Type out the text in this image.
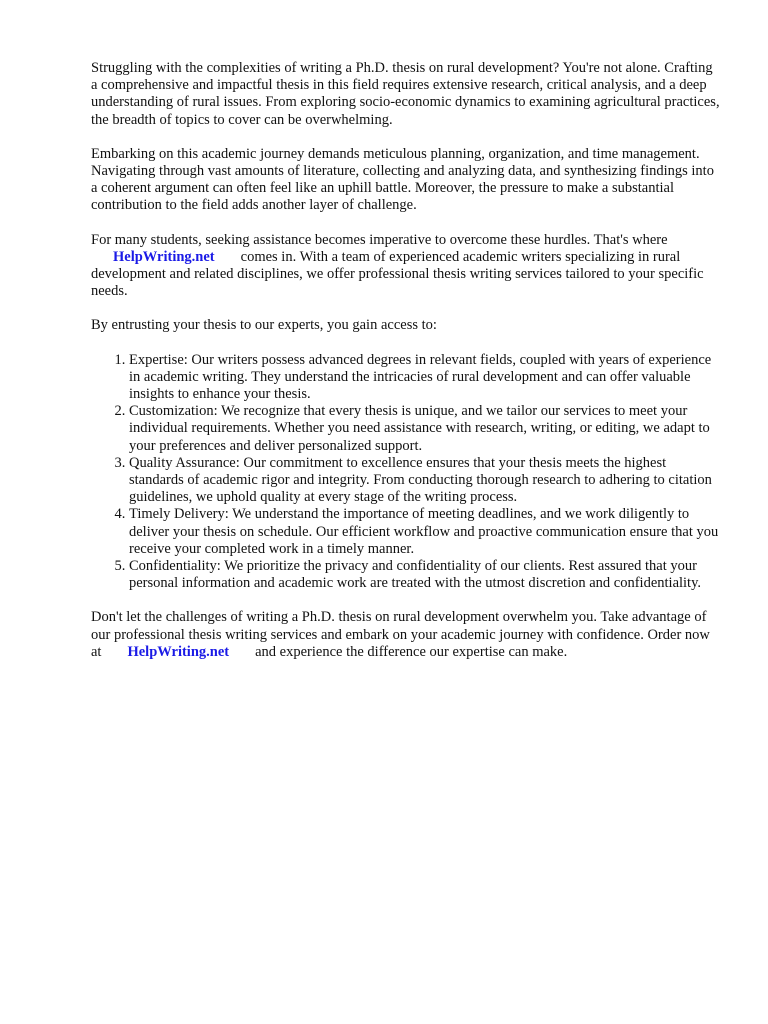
Struggling with the complexities of writing a Ph.D. thesis on rural development? You're not alone. Crafting a comprehensive and impactful thesis in this field requires extensive research, critical analysis, and a deep understanding of rural issues. From exploring socio-economic dynamics to examining agricultural practices, the breadth of topics to cover can be overwhelming.

Embarking on this academic journey demands meticulous planning, organization, and time management. Navigating through vast amounts of literature, collecting and analyzing data, and synthesizing findings into a coherent argument can often feel like an uphill battle. Moreover, the pressure to make a substantial contribution to the field adds another layer of challenge.

For many students, seeking assistance becomes imperative to overcome these hurdles. That's where
HelpWriting.net comes in. With a team of experienced academic writers specializing in rural development and related disciplines, we offer professional thesis writing services tailored to your specific needs.

By entrusting your thesis to our experts, you gain access to:

1. Expertise: Our writers possess advanced degrees in relevant fields, coupled with years of experience in academic writing. They understand the intricacies of rural development and can offer valuable insights to enhance your thesis.
2. Customization: We recognize that every thesis is unique, and we tailor our services to meet your individual requirements. Whether you need assistance with research, writing, or editing, we adapt to your preferences and deliver personalized support.
3. Quality Assurance: Our commitment to excellence ensures that your thesis meets the highest standards of academic rigor and integrity. From conducting thorough research to adhering to citation guidelines, we uphold quality at every stage of the writing process.
4. Timely Delivery: We understand the importance of meeting deadlines, and we work diligently to deliver your thesis on schedule. Our efficient workflow and proactive communication ensure that you receive your completed work in a timely manner.
5. Confidentiality: We prioritize the privacy and confidentiality of our clients. Rest assured that your personal information and academic work are treated with the utmost discretion and confidentiality.

Don't let the challenges of writing a Ph.D. thesis on rural development overwhelm you. Take advantage of our professional thesis writing services and embark on your academic journey with confidence. Order now at HelpWriting.net and experience the difference our expertise can make.
